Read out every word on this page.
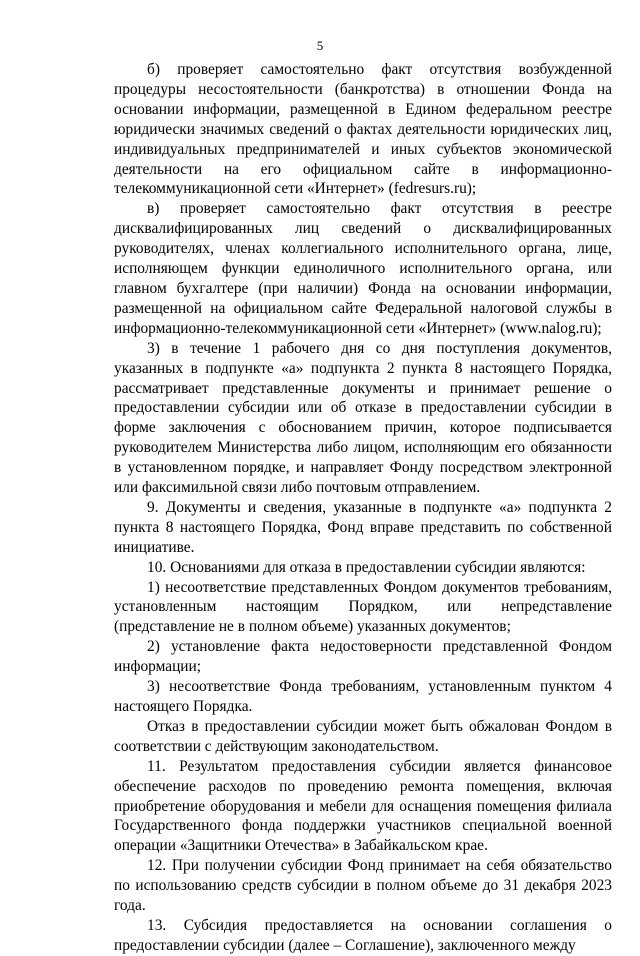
5

б) проверяет самостоятельно факт отсутствия возбужденной процедуры несостоятельности (банкротства) в отношении Фонда на основании информации, размещенной в Едином федеральном реестре юридически значимых сведений о фактах деятельности юридических лиц, индивидуальных предпринимателей и иных субъектов экономической деятельности на его официальном сайте в информационно-телекоммуникационной сети «Интернет» (fedresurs.ru);

в) проверяет самостоятельно факт отсутствия в реестре дисквалифицированных лиц сведений о дисквалифицированных руководителях, членах коллегиального исполнительного органа, лице, исполняющем функции единоличного исполнительного органа, или главном бухгалтере (при наличии) Фонда на основании информации, размещенной на официальном сайте Федеральной налоговой службы в информационно-телекоммуникационной сети «Интернет» (www.nalog.ru);

3) в течение 1 рабочего дня со дня поступления документов, указанных в подпункте «а» подпункта 2 пункта 8 настоящего Порядка, рассматривает представленные документы и принимает решение о предоставлении субсидии или об отказе в предоставлении субсидии в форме заключения с обоснованием причин, которое подписывается руководителем Министерства либо лицом, исполняющим его обязанности в установленном порядке, и направляет Фонду посредством электронной или факсимильной связи либо почтовым отправлением.

9. Документы и сведения, указанные в подпункте «а» подпункта 2 пункта 8 настоящего Порядка, Фонд вправе представить по собственной инициативе.

10. Основаниями для отказа в предоставлении субсидии являются:

1) несоответствие представленных Фондом документов требованиям, установленным настоящим Порядком, или непредставление (представление не в полном объеме) указанных документов;

2) установление факта недостоверности представленной Фондом информации;

3) несоответствие Фонда требованиям, установленным пунктом 4 настоящего Порядка.

Отказ в предоставлении субсидии может быть обжалован Фондом в соответствии с действующим законодательством.

11. Результатом предоставления субсидии является финансовое обеспечение расходов по проведению ремонта помещения, включая приобретение оборудования и мебели для оснащения помещения филиала Государственного фонда поддержки участников специальной военной операции «Защитники Отечества» в Забайкальском крае.

12. При получении субсидии Фонд принимает на себя обязательство по использованию средств субсидии в полном объеме до 31 декабря 2023 года.

13. Субсидия предоставляется на основании соглашения о предоставлении субсидии (далее – Соглашение), заключенного между
